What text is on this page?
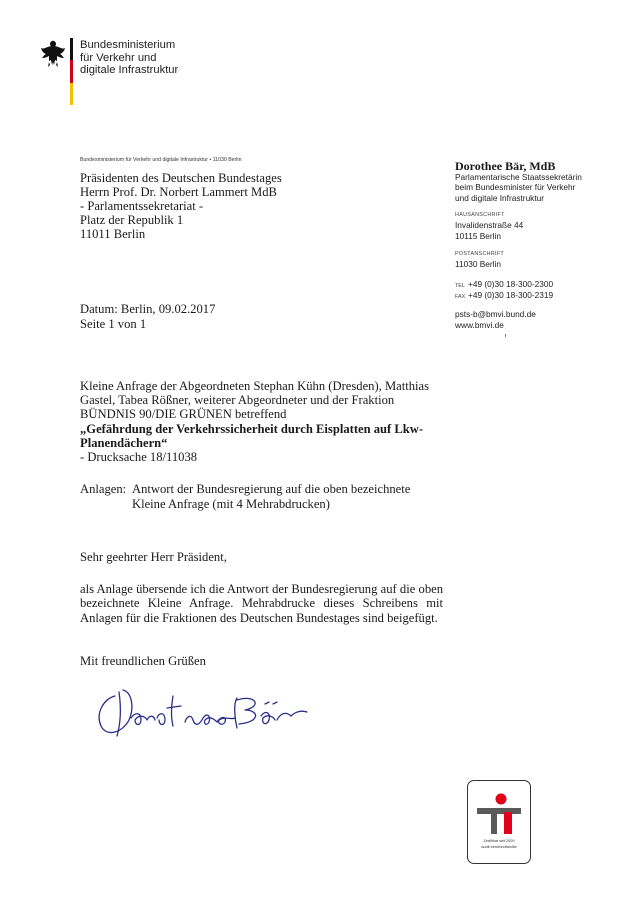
Bundesministerium
für Verkehr und
digitale Infrastruktur
Bundesministerium für Verkehr und digitale Infrastruktur • 11030 Berlin
Präsidenten des Deutschen Bundestages
Herrn Prof. Dr. Norbert Lammert MdB
- Parlamentssekretariat -
Platz der Republik 1
11011 Berlin
Datum: Berlin, 09.02.2017
Seite 1 von 1
Dorothee Bär, MdB
Parlamentarische Staatssekretärin
beim Bundesminister für Verkehr
und digitale Infrastruktur
HAUSANSCHRIFT
Invalidenstraße 44
10115 Berlin
POSTANSCHRIFT
11030 Berlin
TEL +49 (0)30 18-300-2300
FAX +49 (0)30 18-300-2319
psts-b@bmvi.bund.de
www.bmvi.de
Kleine Anfrage der Abgeordneten Stephan Kühn (Dresden), Matthias
Gastel, Tabea Rößner, weiterer Abgeordneter und der Fraktion
BÜNDNIS 90/DIE GRÜNEN betreffend
„Gefährdung der Verkehrssicherheit durch Eisplatten auf Lkw-
Planendächern“
- Drucksache 18/11038
Anlagen: Antwort der Bundesregierung auf die oben bezeichnete
Kleine Anfrage (mit 4 Mehrabdrucken)
Sehr geehrter Herr Präsident,
als Anlage übersende ich die Antwort der Bundesregierung auf die oben bezeichnete Kleine Anfrage. Mehrabdrucke dieses Schreibens mit Anlagen für die Fraktionen des Deutschen Bundestages sind beigefügt.
Mit freundlichen Grüßen
Zertifikat seit 2009
audit berufundfamilie
